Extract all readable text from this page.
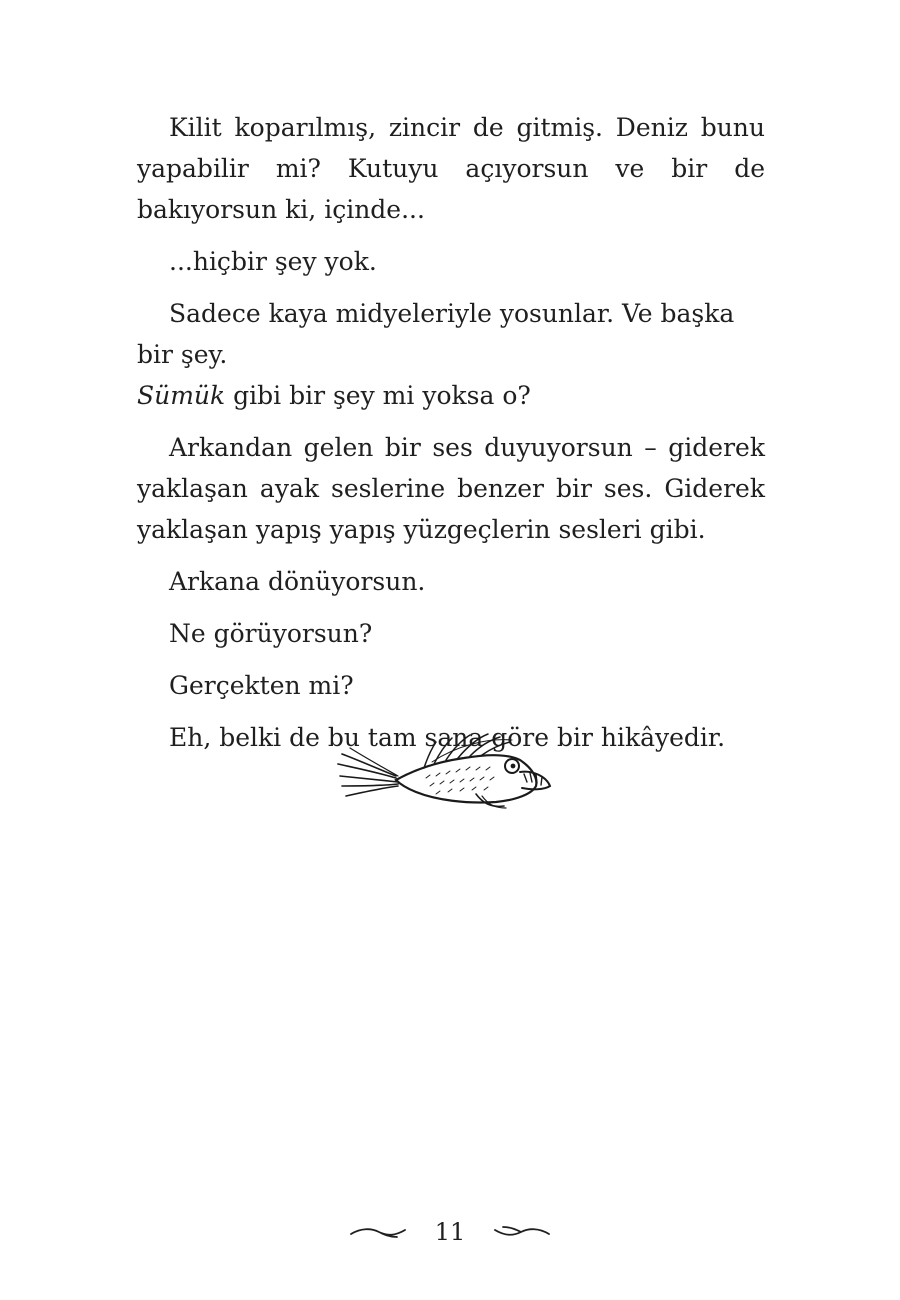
Kilit koparılmış, zincir de gitmiş. Deniz bunu yapabilir mi? Kutuyu açıyorsun ve bir de bakıyorsun ki, içinde...

...hiçbir şey yok.

Sadece kaya midyeleriyle yosunlar. Ve başka bir şey.
Sümük gibi bir şey mi yoksa o?

Arkandan gelen bir ses duyuyorsun – giderek yaklaşan ayak seslerine benzer bir ses. Giderek yaklaşan yapış yapış yüzgeçlerin sesleri gibi.

Arkana dönüyorsun.

Ne görüyorsun?

Gerçekten mi?

Eh, belki de bu tam sana göre bir hikâyedir.

11
